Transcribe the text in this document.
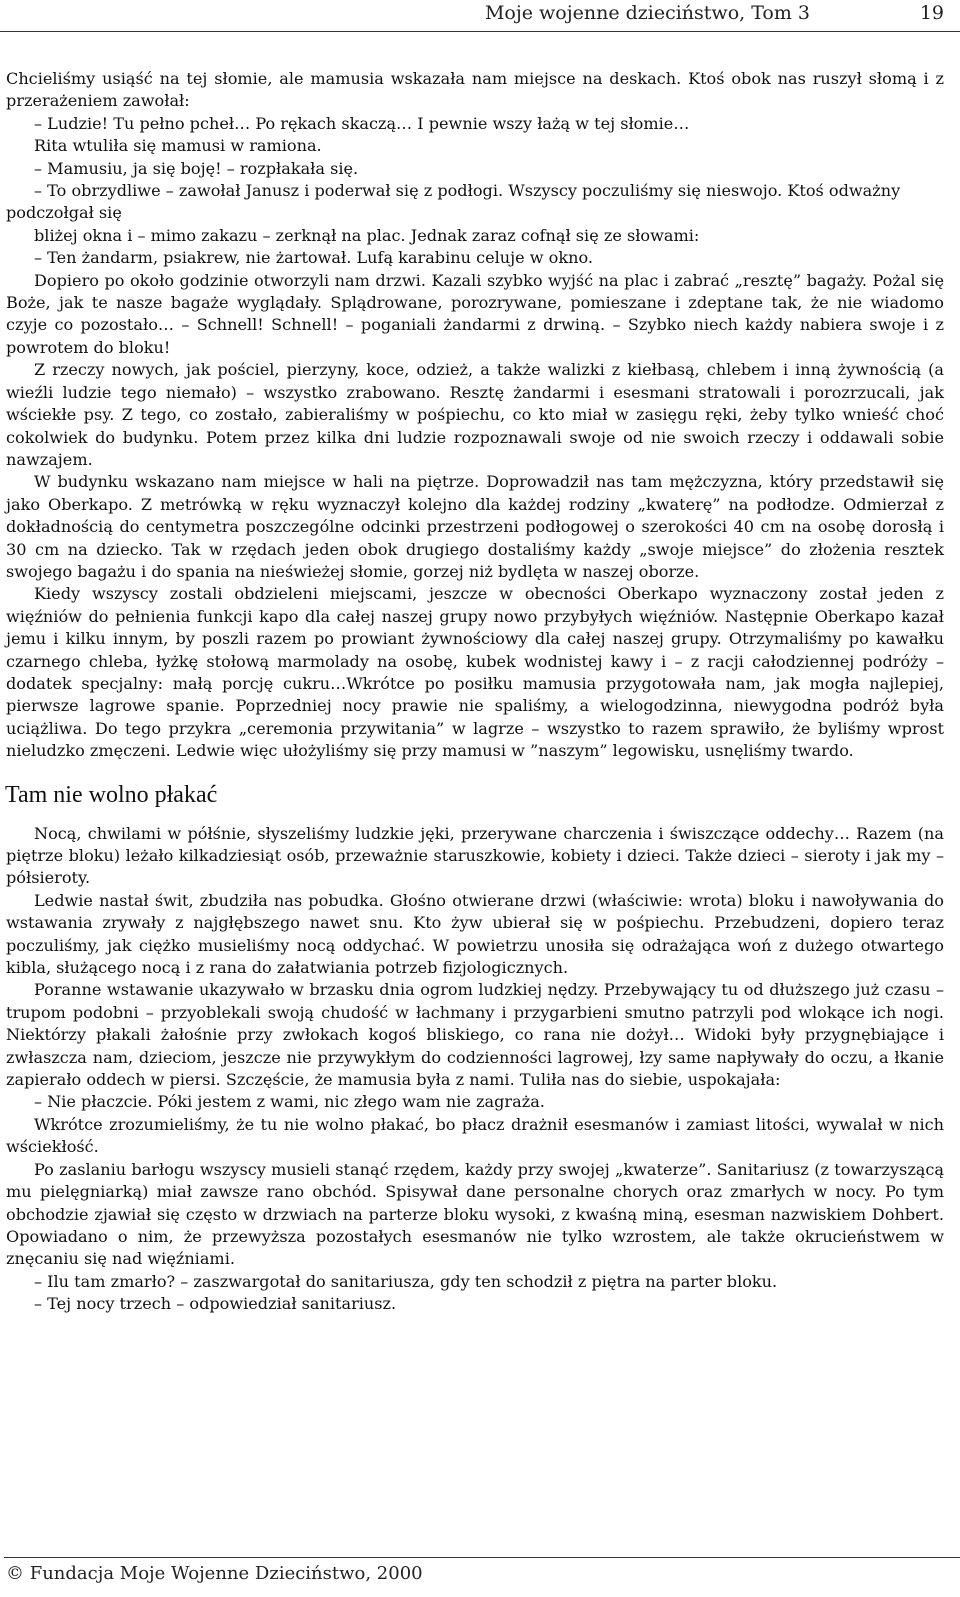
Moje wojenne dzieciństwo, Tom 3	19

Chcieliśmy usiąść na tej słomie, ale mamusia wskazała nam miejsce na deskach. Ktoś obok nas ruszył słomą i z przerażeniem zawołał:

– Ludzie! Tu pełno pcheł… Po rękach skaczą… I pewnie wszy łażą w tej słomie…

Rita wtuliła się mamusi w ramiona.

– Mamusiu, ja się boję! – rozpłakała się.

– To obrzydliwe – zawołał Janusz i poderwał się z podłogi. Wszyscy poczuliśmy się nieswojo. Ktoś odważny podczołgał się

bliżej okna i – mimo zakazu – zerknął na plac. Jednak zaraz cofnął się ze słowami:

– Ten żandarm, psiakrew, nie żartował. Lufą karabinu celuje w okno.

Dopiero po około godzinie otworzyli nam drzwi. Kazali szybko wyjść na plac i zabrać „resztę” bagaży. Pożal się Boże, jak te nasze bagaże wyglądały. Splądrowane, porozrywane, pomieszane i zdeptane tak, że nie wiadomo czyje co pozostało… – Schnell! Schnell! – poganiali żandarmi z drwiną. – Szybko niech każdy nabiera swoje i z powrotem do bloku!

Z rzeczy nowych, jak pościel, pierzyny, koce, odzież, a także walizki z kiełbasą, chlebem i inną żywnością (a wieźli ludzie tego niemało) – wszystko zrabowano. Resztę żandarmi i esesmani stratowali i porozrzucali, jak wściekłe psy. Z tego, co zostało, zabieraliśmy w pośpiechu, co kto miał w zasięgu ręki, żeby tylko wnieść choć cokolwiek do budynku. Potem przez kilka dni ludzie rozpoznawali swoje od nie swoich rzeczy i oddawali sobie nawzajem.

W budynku wskazano nam miejsce w hali na piętrze. Doprowadził nas tam mężczyzna, który przedstawił się jako Oberkapo. Z metrówką w ręku wyznaczył kolejno dla każdej rodziny „kwaterę” na podłodze. Odmierzał z dokładnością do centymetra poszczególne odcinki przestrzeni podłogowej o szerokości 40 cm na osobę dorosłą i 30 cm na dziecko. Tak w rzędach jeden obok drugiego dostaliśmy każdy „swoje miejsce” do złożenia resztek swojego bagażu i do spania na nieświeżej słomie, gorzej niż bydlęta w naszej oborze.

Kiedy wszyscy zostali obdzieleni miejscami, jeszcze w obecności Oberkapo wyznaczony został jeden z więźniów do pełnienia funkcji kapo dla całej naszej grupy nowo przybyłych więźniów. Następnie Oberkapo kazał jemu i kilku innym, by poszli razem po prowiant żywnościowy dla całej naszej grupy. Otrzymaliśmy po kawałku czarnego chleba, łyżkę stołową marmolady na osobę, kubek wodnistej kawy i – z racji całodziennej podróży – dodatek specjalny: małą porcję cukru…Wkrótce po posiłku mamusia przygotowała nam, jak mogła najlepiej, pierwsze lagrowe spanie. Poprzedniej nocy prawie nie spaliśmy, a wielogodzinna, niewygodna podróż była uciążliwa. Do tego przykra „ceremonia przywitania” w lagrze – wszystko to razem sprawiło, że byliśmy wprost nieludzko zmęczeni. Ledwie więc ułożyliśmy się przy mamusi w ”naszym” legowisku, usnęliśmy twardo.

Tam nie wolno płakać

Nocą, chwilami w półśnie, słyszeliśmy ludzkie jęki, przerywane charczenia i świszczące oddechy… Razem (na piętrze bloku) leżało kilkadziesiąt osób, przeważnie staruszkowie, kobiety i dzieci. Także dzieci – sieroty i jak my – półsieroty.

Ledwie nastał świt, zbudziła nas pobudka. Głośno otwierane drzwi (właściwie: wrota) bloku i nawoływania do wstawania zrywały z najgłębszego nawet snu. Kto żyw ubierał się w pośpiechu. Przebudzeni, dopiero teraz poczuliśmy, jak ciężko musieliśmy nocą oddychać. W powietrzu unosiła się odrażająca woń z dużego otwartego kibla, służącego nocą i z rana do załatwiania potrzeb fizjologicznych.

Poranne wstawanie ukazywało w brzasku dnia ogrom ludzkiej nędzy. Przebywający tu od dłuższego już czasu – trupom podobni – przyoblekali swoją chudość w łachmany i przygarbieni smutno patrzyli pod wlokące ich nogi. Niektórzy płakali żałośnie przy zwłokach kogoś bliskiego, co rana nie dożył… Widoki były przygnębiające i zwłaszcza nam, dzieciom, jeszcze nie przywykłym do codzienności lagrowej, łzy same napływały do oczu, a łkanie zapierało oddech w piersi. Szczęście, że mamusia była z nami. Tuliła nas do siebie, uspokajała:

– Nie płaczcie. Póki jestem z wami, nic złego wam nie zagraża.

Wkrótce zrozumieliśmy, że tu nie wolno płakać, bo płacz drażnił esesmanów i zamiast litości, wywalał w nich wściekłość.

Po zaslaniu barłogu wszyscy musieli stanąć rzędem, każdy przy swojej „kwaterze”. Sanitariusz (z towarzyszącą mu pielęgniarką) miał zawsze rano obchód. Spisywał dane personalne chorych oraz zmarłych w nocy. Po tym obchodzie zjawiał się często w drzwiach na parterze bloku wysoki, z kwaśną miną, esesman nazwiskiem Dohbert. Opowiadano o nim, że przewyższa pozostałych esesmanów nie tylko wzrostem, ale także okrucieństwem w znęcaniu się nad więźniami.

– Ilu tam zmarło? – zaszwargotał do sanitariusza, gdy ten schodził z piętra na parter bloku.

– Tej nocy trzech – odpowiedział sanitariusz.

© Fundacja Moje Wojenne Dzieciństwo, 2000
